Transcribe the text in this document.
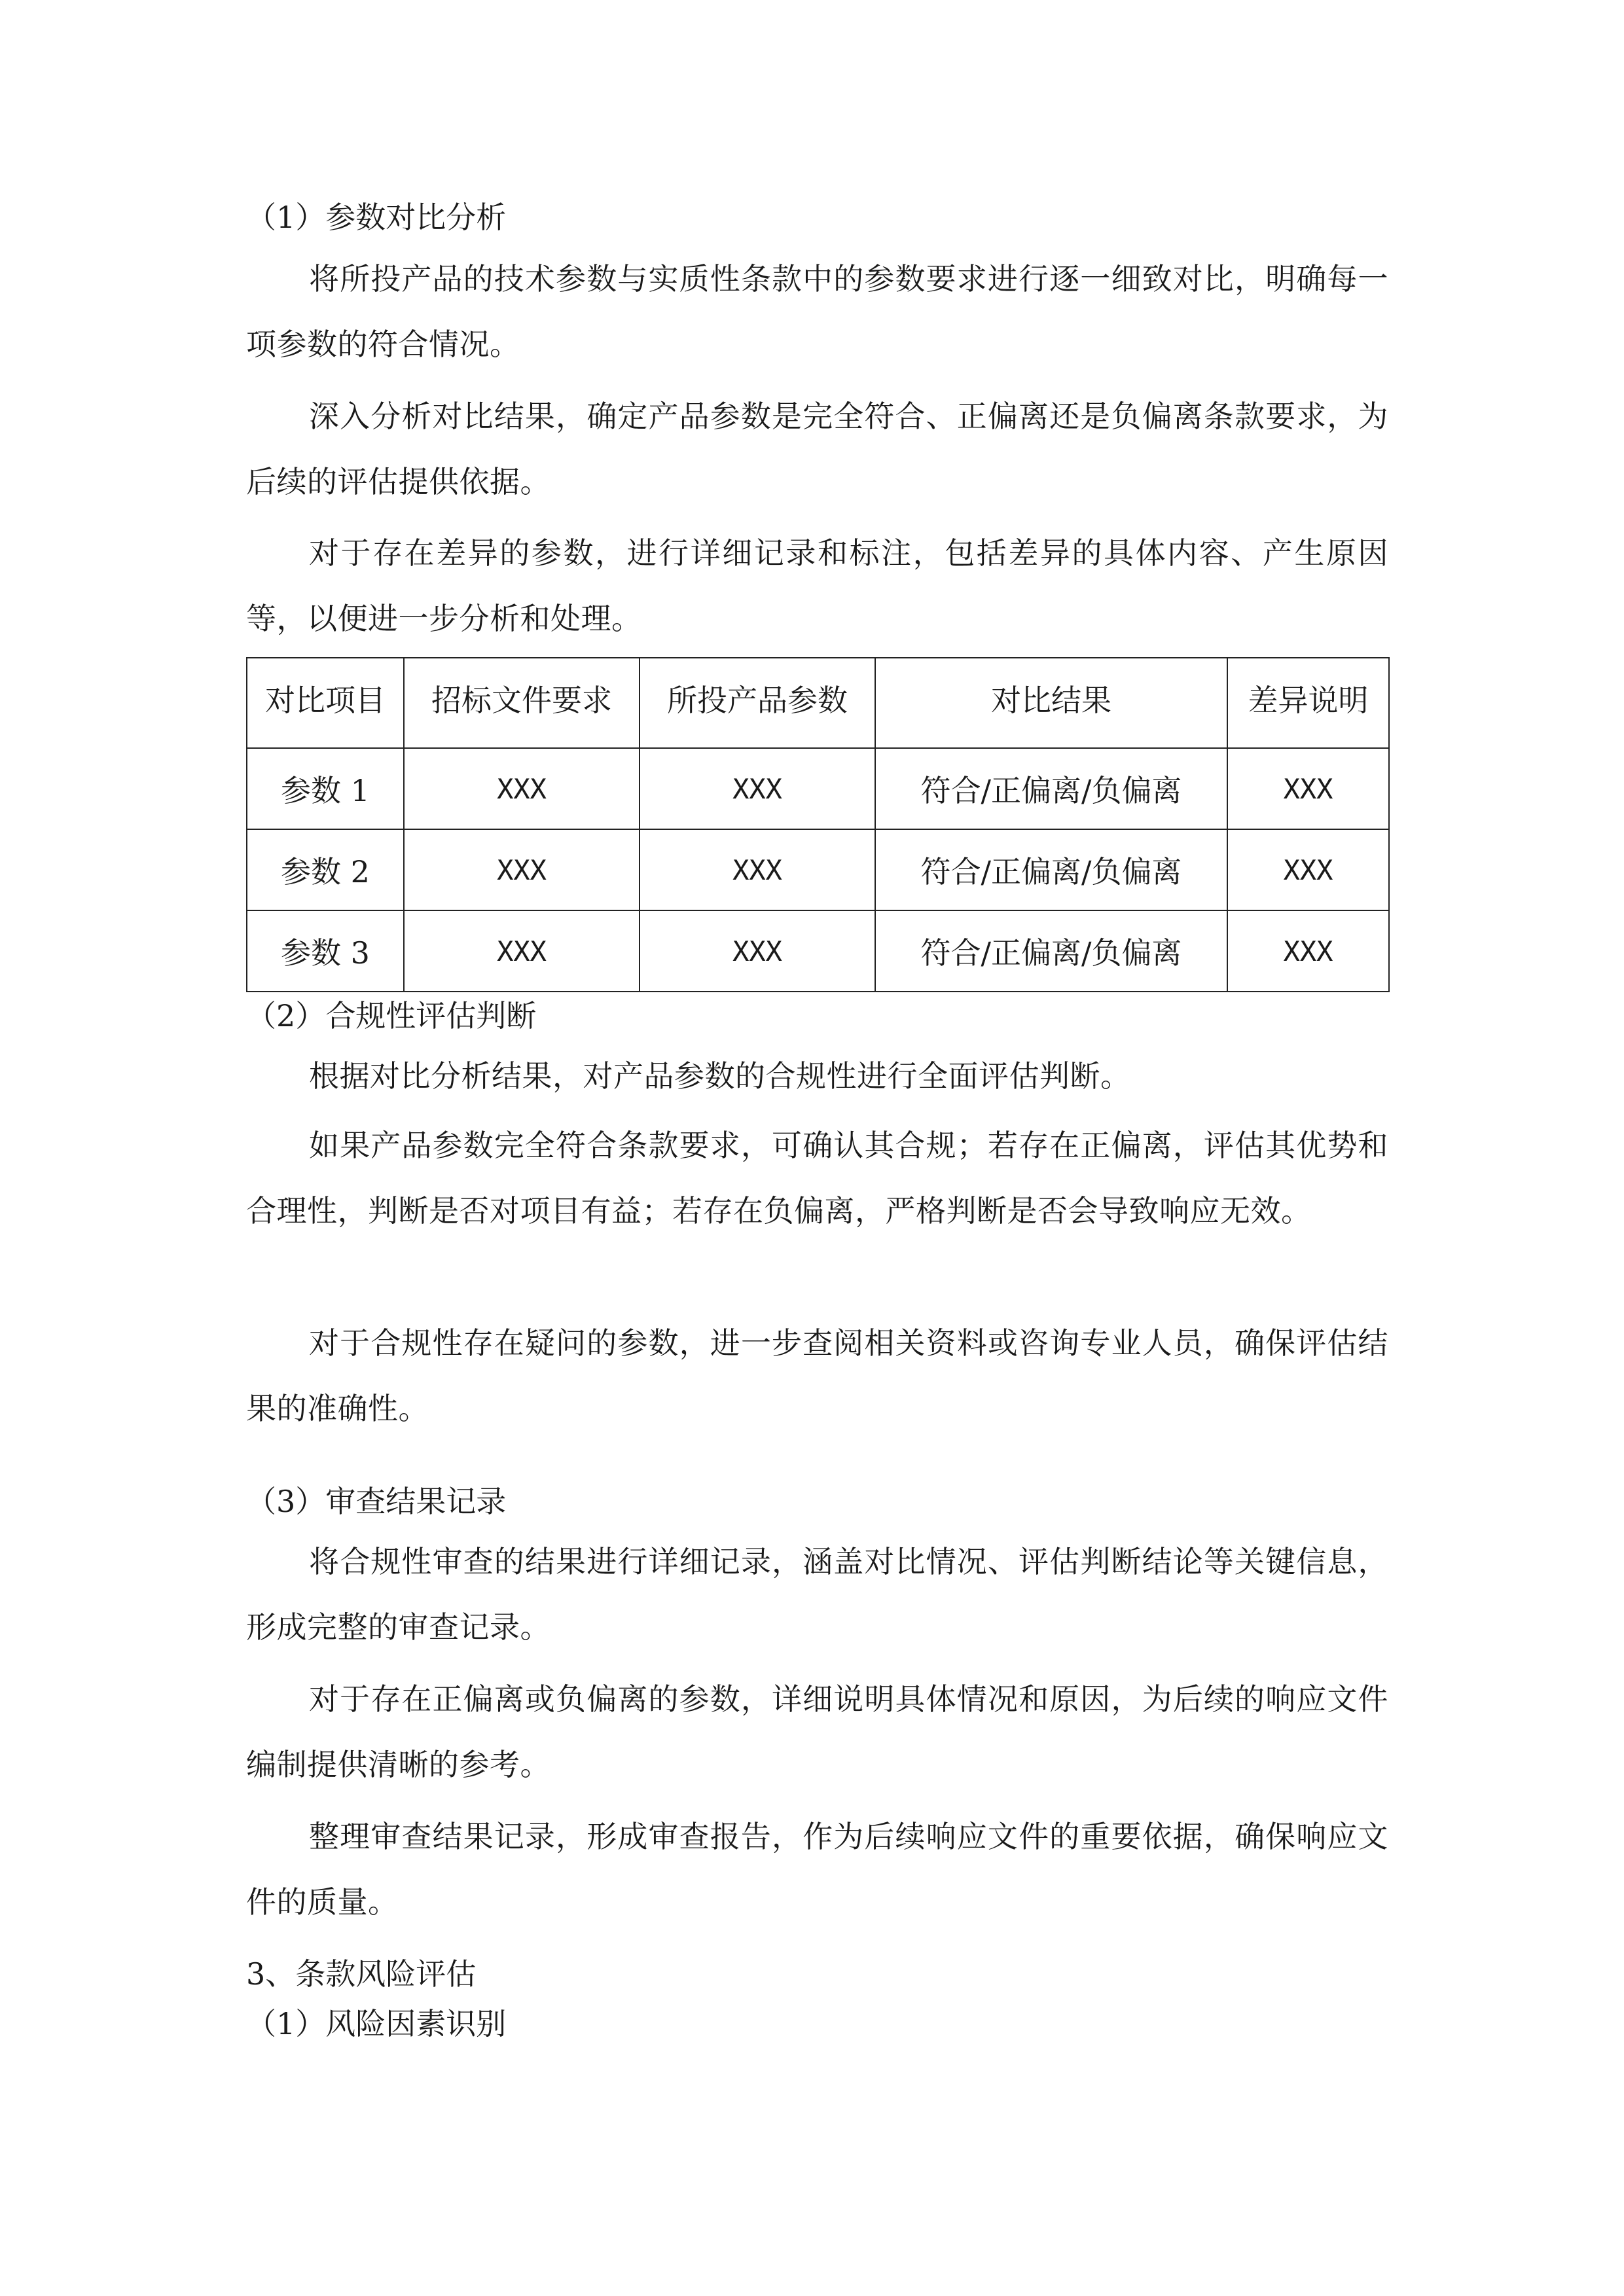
（1）参数对比分析

将所投产品的技术参数与实质性条款中的参数要求进行逐一细致对比，明确每一项参数的符合情况。

深入分析对比结果，确定产品参数是完全符合、正偏离还是负偏离条款要求，为后续的评估提供依据。

对于存在差异的参数，进行详细记录和标注，包括差异的具体内容、产生原因等，以便进一步分析和处理。

对比项目	招标文件要求	所投产品参数	对比结果	差异说明
参数 1	XXX	XXX	符合/正偏离/负偏离	XXX
参数 2	XXX	XXX	符合/正偏离/负偏离	XXX
参数 3	XXX	XXX	符合/正偏离/负偏离	XXX

（2）合规性评估判断

根据对比分析结果，对产品参数的合规性进行全面评估判断。

如果产品参数完全符合条款要求，可确认其合规；若存在正偏离，评估其优势和合理性，判断是否对项目有益；若存在负偏离，严格判断是否会导致响应无效。

对于合规性存在疑问的参数，进一步查阅相关资料或咨询专业人员，确保评估结果的准确性。

（3）审查结果记录

将合规性审查的结果进行详细记录，涵盖对比情况、评估判断结论等关键信息，形成完整的审查记录。

对于存在正偏离或负偏离的参数，详细说明具体情况和原因，为后续的响应文件编制提供清晰的参考。

整理审查结果记录，形成审查报告，作为后续响应文件的重要依据，确保响应文件的质量。

3、条款风险评估

（1）风险因素识别
